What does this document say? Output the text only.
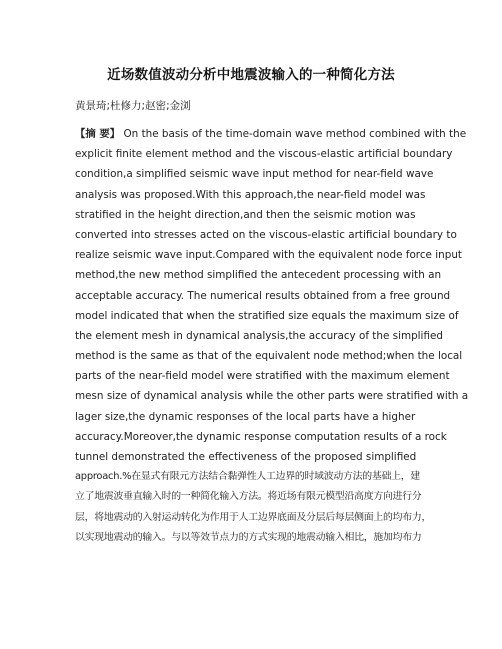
近场数值波动分析中地震波输入的一种简化方法
黄景琦;杜修力;赵密;金浏
【摘 要】 On the basis of the time-domain wave method combined with the
explicit finite element method and the viscous-elastic artificial boundary
condition,a simplified seismic wave input method for near-field wave
analysis was proposed.With this approach,the near-field model was
stratified in the height direction,and then the seismic motion was
converted into stresses acted on the viscous-elastic artificial boundary to
realize seismic wave input.Compared with the equivalent node force input
method,the new method simplified the antecedent processing with an
acceptable accuracy. The numerical results obtained from a free ground
model indicated that when the stratified size equals the maximum size of
the element mesh in dynamical analysis,the accuracy of the simplified
method is the same as that of the equivalent node method;when the local
parts of the near-field model were stratified with the maximum element
mesn size of dynamical analysis while the other parts were stratified with a
lager size,the dynamic responses of the local parts have a higher
accuracy.Moreover,the dynamic response computation results of a rock
tunnel demonstrated the effectiveness of the proposed simplified
approach.%在显式有限元方法结合黏弹性人工边界的时域波动方法的基础上，建
立了地震波垂直输入时的一种简化输入方法。将近场有限元模型沿高度方向进行分
层，将地震动的入射运动转化为作用于人工边界底面及分层后每层侧面上的均布力，
以实现地震动的输入。与以等效节点力的方式实现的地震动输入相比，施加均布力
